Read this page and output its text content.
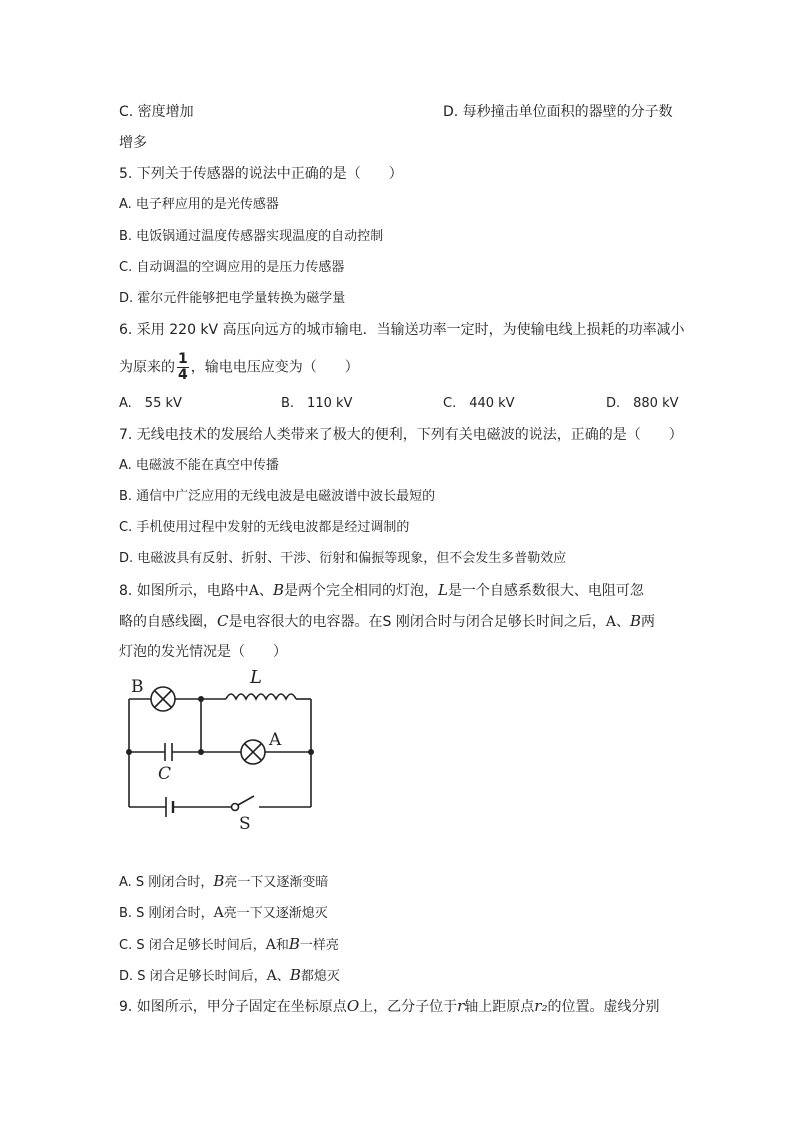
C. 密度增加	D. 每秒撞击单位面积的器壁的分子数
增多
5. 下列关于传感器的说法中正确的是（　　）
A. 电子秤应用的是光传感器
B. 电饭锅通过温度传感器实现温度的自动控制
C. 自动调温的空调应用的是压力传感器
D. 霍尔元件能够把电学量转换为磁学量
6. 采用 220 kV 高压向远方的城市输电．当输送功率一定时，为使输电线上损耗的功率减小
为原来的 $\frac{1}{4}$ ，输电电压应变为（　　）
A.　55 kV	B.　110 kV	C.　440 kV	D.　880 kV
7. 无线电技术的发展给人类带来了极大的便利，下列有关电磁波的说法，正确的是（　　）
A. 电磁波不能在真空中传播
B. 通信中广泛应用的无线电波是电磁波谱中波长最短的
C. 手机使用过程中发射的无线电波都是经过调制的
D. 电磁波具有反射、折射、干涉、衍射和偏振等现象，但不会发生多普勒效应
8. 如图所示，电路中A、B是两个完全相同的灯泡，L是一个自感系数很大、电阻可忽
略的自感线圈，C是电容很大的电容器。在S 刚闭合时与闭合足够长时间之后，A、B两
灯泡的发光情况是（　　）
B	L
A
C
S
A. S 刚闭合时，B亮一下又逐渐变暗
B. S 刚闭合时，A亮一下又逐渐熄灭
C. S 闭合足够长时间后，A和B一样亮
D. S 闭合足够长时间后，A、B都熄灭
9. 如图所示，甲分子固定在坐标原点O上，乙分子位于r轴上距原点r₂的位置。虚线分别
